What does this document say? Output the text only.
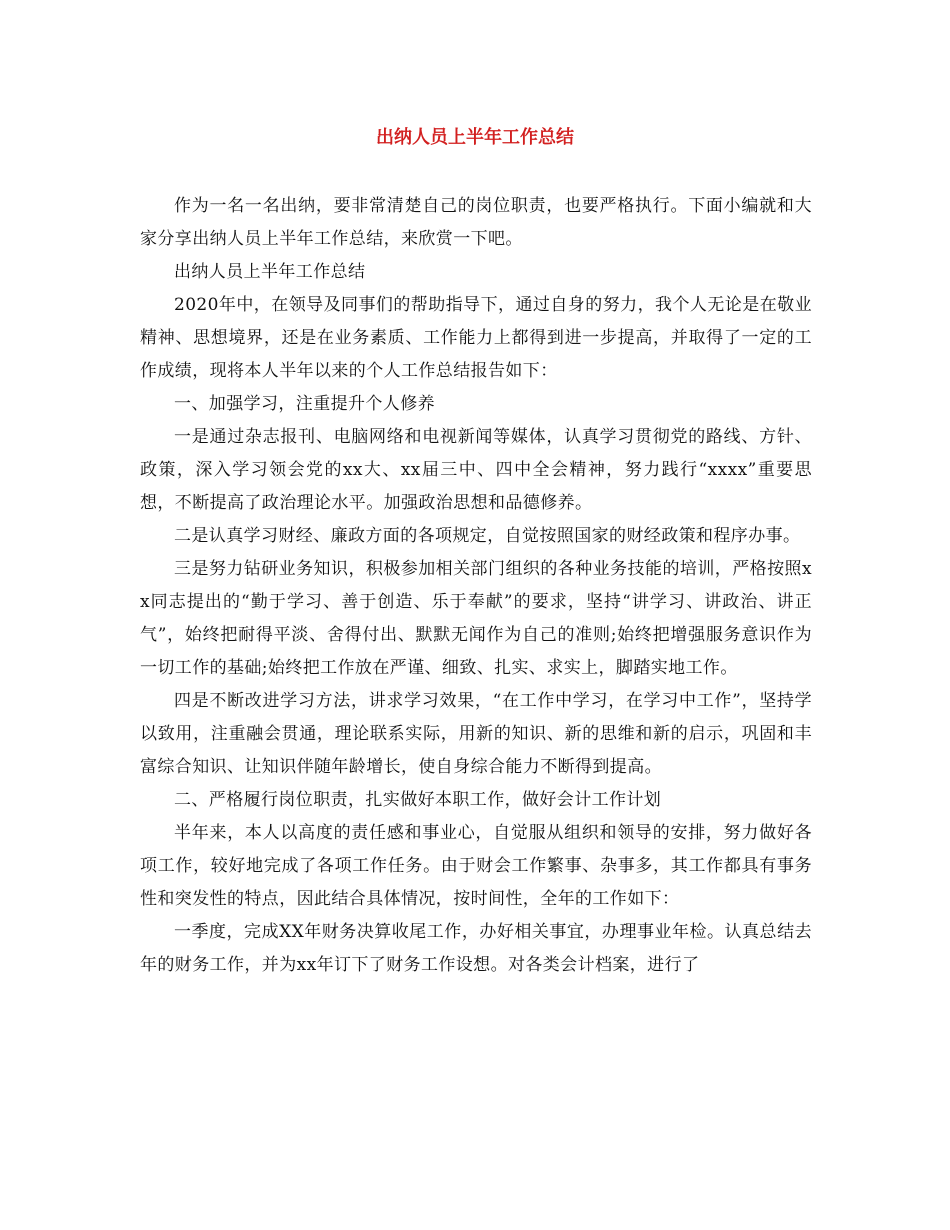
出纳人员上半年工作总结

作为一名一名出纳，要非常清楚自己的岗位职责，也要严格执行。下面小编就和大家分享出纳人员上半年工作总结，来欣赏一下吧。

出纳人员上半年工作总结

2020年中，在领导及同事们的帮助指导下，通过自身的努力，我个人无论是在敬业精神、思想境界，还是在业务素质、工作能力上都得到进一步提高，并取得了一定的工作成绩，现将本人半年以来的个人工作总结报告如下：

一、加强学习，注重提升个人修养

一是通过杂志报刊、电脑网络和电视新闻等媒体，认真学习贯彻党的路线、方针、政策，深入学习领会党的xx大、xx届三中、四中全会精神，努力践行“xxxx”重要思想，不断提高了政治理论水平。加强政治思想和品德修养。

二是认真学习财经、廉政方面的各项规定，自觉按照国家的财经政策和程序办事。

三是努力钻研业务知识，积极参加相关部门组织的各种业务技能的培训，严格按照xx同志提出的“勤于学习、善于创造、乐于奉献”的要求，坚持“讲学习、讲政治、讲正气”，始终把耐得平淡、舍得付出、默默无闻作为自己的准则;始终把增强服务意识作为一切工作的基础;始终把工作放在严谨、细致、扎实、求实上，脚踏实地工作。

四是不断改进学习方法，讲求学习效果，“在工作中学习，在学习中工作”，坚持学以致用，注重融会贯通，理论联系实际，用新的知识、新的思维和新的启示，巩固和丰富综合知识、让知识伴随年龄增长，使自身综合能力不断得到提高。

二、严格履行岗位职责，扎实做好本职工作，做好会计工作计划

半年来，本人以高度的责任感和事业心，自觉服从组织和领导的安排，努力做好各项工作，较好地完成了各项工作任务。由于财会工作繁事、杂事多，其工作都具有事务性和突发性的特点，因此结合具体情况，按时间性，全年的工作如下：

一季度，完成XX年财务决算收尾工作，办好相关事宜，办理事业年检。认真总结去年的财务工作，并为xx年订下了财务工作设想。对各类会计档案，进行了
